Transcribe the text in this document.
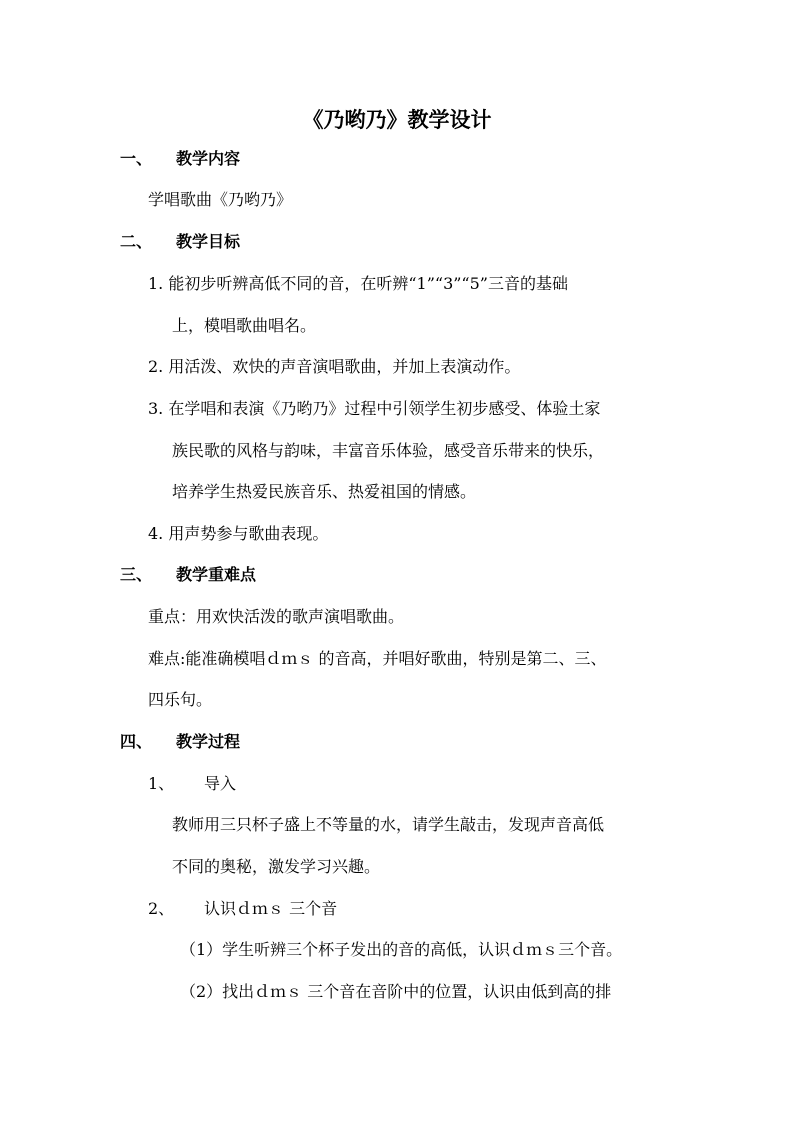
《乃哟乃》教学设计
一、 教学内容
学唱歌曲《乃哟乃》
二、 教学目标
1. 能初步听辨高低不同的音，在听辨“1”“3”“5”三音的基础
上，模唱歌曲唱名。
2. 用活泼、欢快的声音演唱歌曲，并加上表演动作。
3. 在学唱和表演《乃哟乃》过程中引领学生初步感受、体验土家
族民歌的风格与韵味，丰富音乐体验，感受音乐带来的快乐，
培养学生热爱民族音乐、热爱祖国的情感。
4. 用声势参与歌曲表现。
三、 教学重难点
重点：用欢快活泼的歌声演唱歌曲。
难点:能准确模唱ｄｍｓ 的音高，并唱好歌曲，特别是第二、三、
四乐句。
四、 教学过程
1、 导入
教师用三只杯子盛上不等量的水，请学生敲击，发现声音高低
不同的奥秘，激发学习兴趣。
2、 认识ｄｍｓ 三个音
（1）学生听辨三个杯子发出的音的高低，认识ｄｍｓ三个音。
（2）找出ｄｍｓ 三个音在音阶中的位置，认识由低到高的排
